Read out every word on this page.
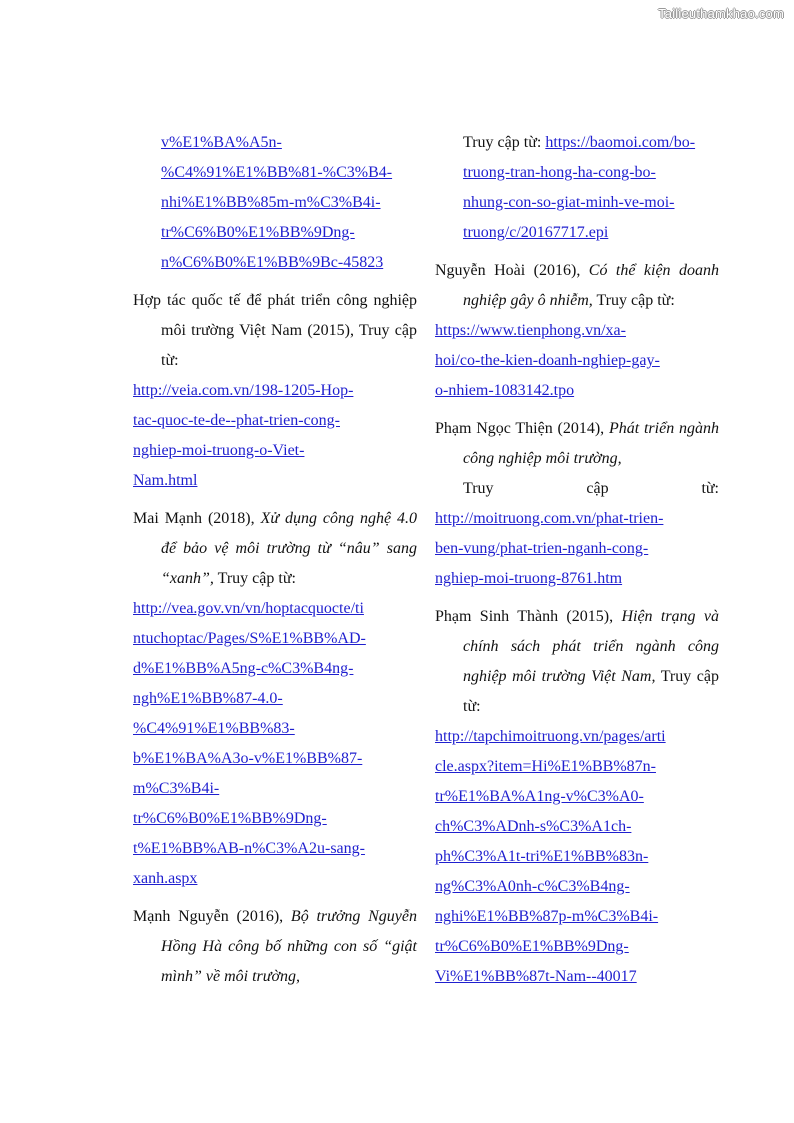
Tailieuthamkhao.com
v%E1%BA%A5n-
%C4%91%E1%BB%81-%C3%B4-
nhi%E1%BB%85m-m%C3%B4i-
tr%C6%B0%E1%BB%9Dng-
n%C6%B0%E1%BB%9Bc-45823
Hợp tác quốc tế để phát triển công nghiệp môi trường Việt Nam (2015), Truy cập từ:
http://veia.com.vn/198-1205-Hop-
tac-quoc-te-de--phat-trien-cong-
nghiep-moi-truong-o-Viet-
Nam.html
Mai Mạnh (2018), Xử dụng công nghệ 4.0 để bảo vệ môi trường từ “nâu” sang “xanh”, Truy cập từ:
http://vea.gov.vn/vn/hoptacquocte/ti
ntuchoptac/Pages/S%E1%BB%AD-
d%E1%BB%A5ng-c%C3%B4ng-
ngh%E1%BB%87-4.0-
%C4%91%E1%BB%83-
b%E1%BA%A3o-v%E1%BB%87-
m%C3%B4i-
tr%C6%B0%E1%BB%9Dng-
t%E1%BB%AB-n%C3%A2u-sang-
xanh.aspx
Mạnh Nguyễn (2016), Bộ trưởng Nguyễn Hồng Hà công bố những con số “giật mình” về môi trường,
Truy cập từ: https://baomoi.com/bo-
truong-tran-hong-ha-cong-bo-
nhung-con-so-giat-minh-ve-moi-
truong/c/20167717.epi
Nguyễn Hoài (2016), Có thể kiện doanh nghiệp gây ô nhiễm, Truy cập từ:
https://www.tienphong.vn/xa-
hoi/co-the-kien-doanh-nghiep-gay-
o-nhiem-1083142.tpo
Phạm Ngọc Thiện (2014), Phát triển ngành công nghiệp môi trường,
Truy	cập	từ:
http://moitruong.com.vn/phat-trien-
ben-vung/phat-trien-nganh-cong-
nghiep-moi-truong-8761.htm
Phạm Sinh Thành (2015), Hiện trạng và chính sách phát triển ngành công nghiệp môi trường Việt Nam, Truy cập từ:
http://tapchimoitruong.vn/pages/arti
cle.aspx?item=Hi%E1%BB%87n-
tr%E1%BA%A1ng-v%C3%A0-
ch%C3%ADnh-s%C3%A1ch-
ph%C3%A1t-tri%E1%BB%83n-
ng%C3%A0nh-c%C3%B4ng-
nghi%E1%BB%87p-m%C3%B4i-
tr%C6%B0%E1%BB%9Dng-
Vi%E1%BB%87t-Nam--40017
